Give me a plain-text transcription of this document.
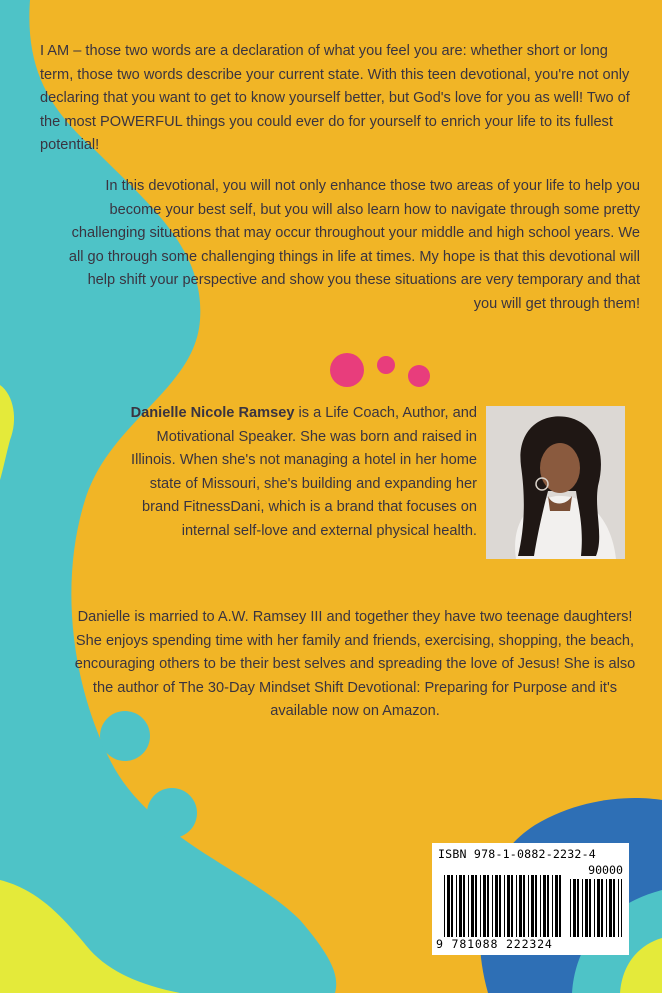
I AM – those two words are a declaration of what you feel you are: whether short or long term, those two words describe your current state. With this teen devotional, you're not only declaring that you want to get to know yourself better, but God's love for you as well! Two of the most POWERFUL things you could ever do for yourself to enrich your life to its fullest potential!

In this devotional, you will not only enhance those two areas of your life to help you become your best self, but you will also learn how to navigate through some pretty challenging situations that may occur throughout your middle and high school years. We all go through some challenging things in life at times. My hope is that this devotional will help shift your perspective and show you these situations are very temporary and that you will get through them!

Danielle Nicole Ramsey is a Life Coach, Author, and Motivational Speaker. She was born and raised in Illinois. When she's not managing a hotel in her home state of Missouri, she's building and expanding her brand FitnessDani, which is a brand that focuses on internal self-love and external physical health.

Danielle is married to A.W. Ramsey III and together they have two teenage daughters! She enjoys spending time with her family and friends, exercising, shopping, the beach, encouraging others to be their best selves and spreading the love of Jesus! She is also the author of The 30-Day Mindset Shift Devotional: Preparing for Purpose and it's available now on Amazon.

ISBN 978-1-0882-2232-4
90000
9 781088 222324
